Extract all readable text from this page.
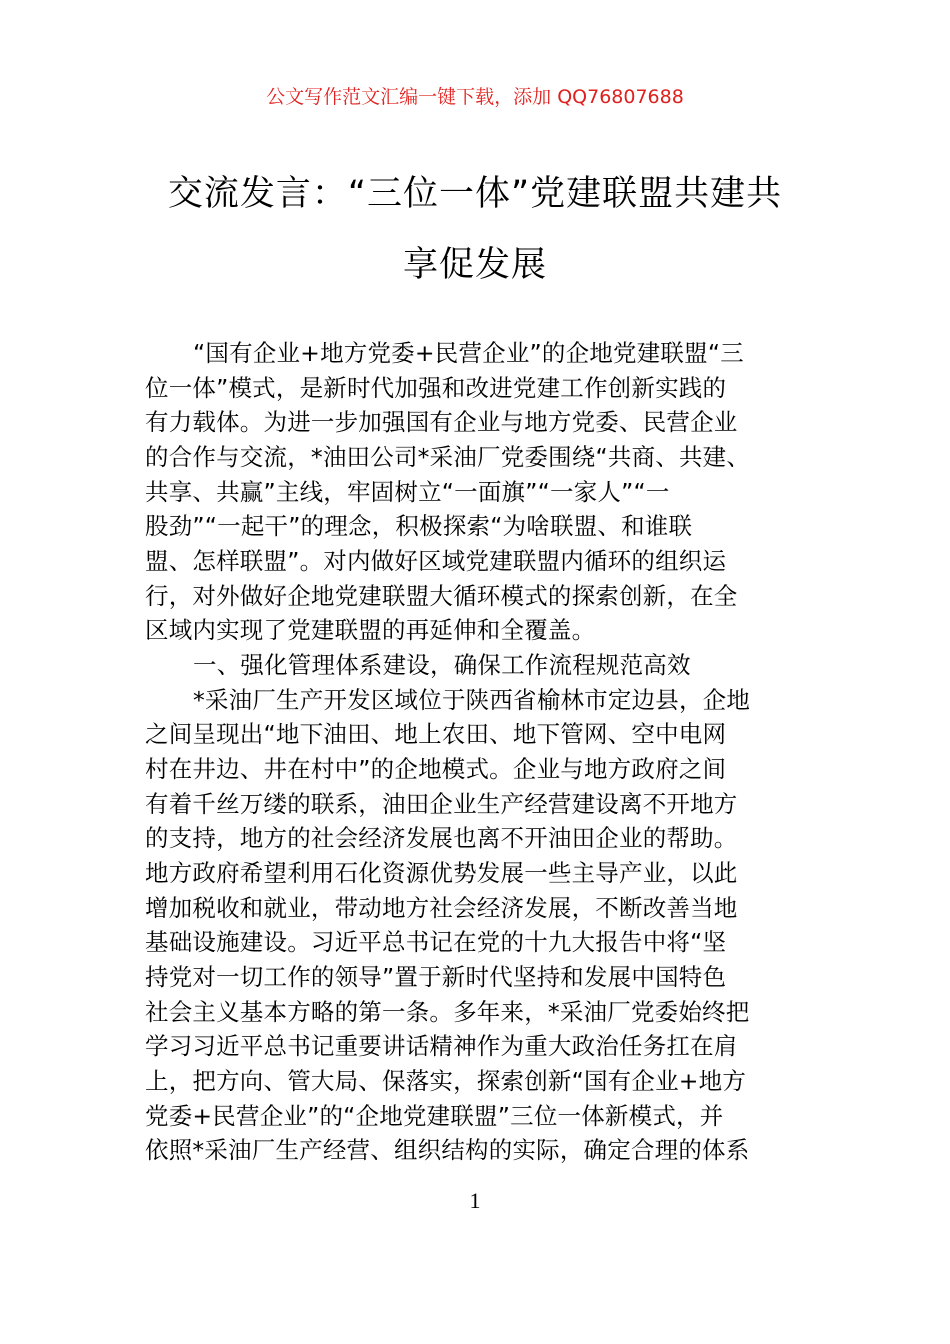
公文写作范文汇编一键下载，添加 QQ76807688
交流发言：“三位一体”党建联盟共建共
享促发展
“国有企业+地方党委+民营企业”的企地党建联盟“三
位一体”模式，是新时代加强和改进党建工作创新实践的
有力载体。为进一步加强国有企业与地方党委、民营企业
的合作与交流，*油田公司*采油厂党委围绕“共商、共建、
共享、共赢”主线，牢固树立“一面旗”“一家人”“一
股劲”“一起干”的理念，积极探索“为啥联盟、和谁联
盟、怎样联盟”。对内做好区域党建联盟内循环的组织运
行，对外做好企地党建联盟大循环模式的探索创新，在全
区域内实现了党建联盟的再延伸和全覆盖。
一、强化管理体系建设，确保工作流程规范高效
*采油厂生产开发区域位于陕西省榆林市定边县，企地
之间呈现出“地下油田、地上农田、地下管网、空中电网
村在井边、井在村中”的企地模式。企业与地方政府之间
有着千丝万缕的联系，油田企业生产经营建设离不开地方
的支持，地方的社会经济发展也离不开油田企业的帮助。
地方政府希望利用石化资源优势发展一些主导产业，以此
增加税收和就业，带动地方社会经济发展，不断改善当地
基础设施建设。习近平总书记在党的十九大报告中将“坚
持党对一切工作的领导”置于新时代坚持和发展中国特色
社会主义基本方略的第一条。多年来，*采油厂党委始终把
学习习近平总书记重要讲话精神作为重大政治任务扛在肩
上，把方向、管大局、保落实，探索创新“国有企业+地方
党委+民营企业”的“企地党建联盟”三位一体新模式，并
依照*采油厂生产经营、组织结构的实际，确定合理的体系
1
